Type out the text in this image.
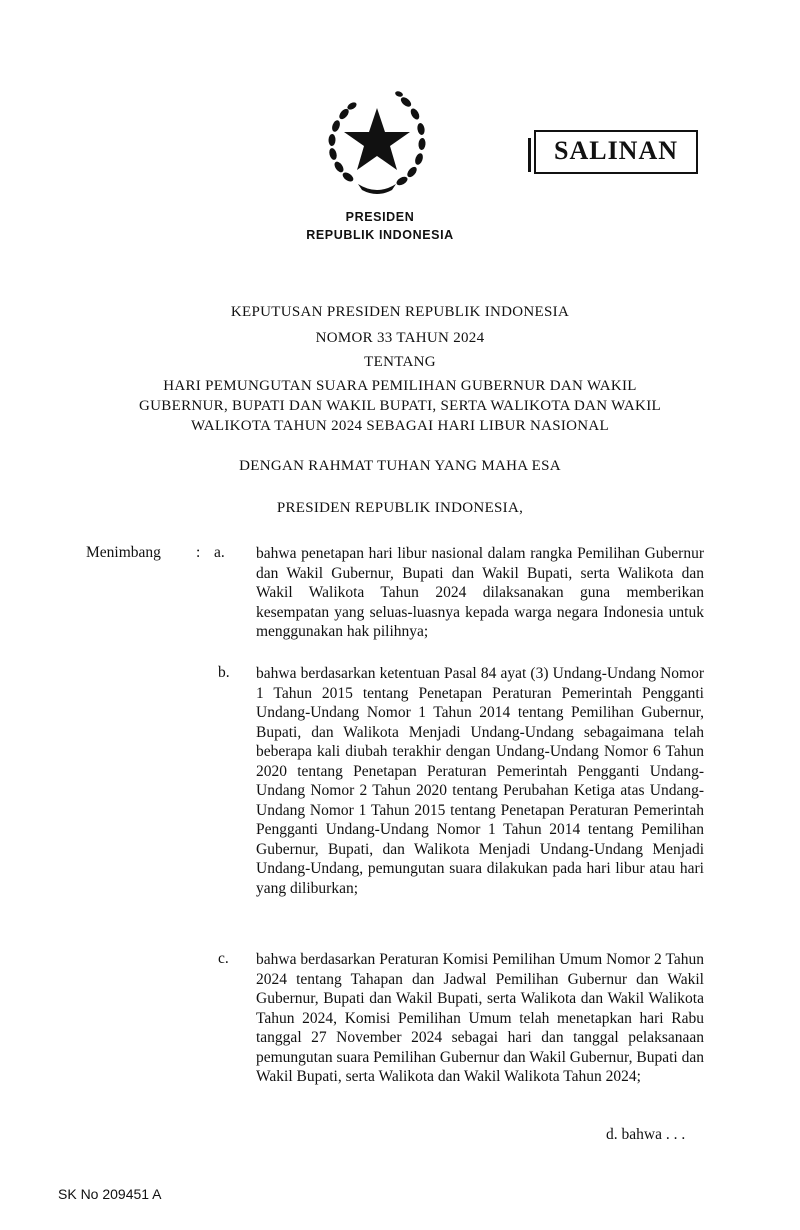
SALINAN
PRESIDEN
REPUBLIK INDONESIA
KEPUTUSAN PRESIDEN REPUBLIK INDONESIA
NOMOR 33 TAHUN 2024
TENTANG
HARI PEMUNGUTAN SUARA PEMILIHAN GUBERNUR DAN WAKIL
GUBERNUR, BUPATI DAN WAKIL BUPATI, SERTA WALIKOTA DAN WAKIL
WALIKOTA TAHUN 2024 SEBAGAI HARI LIBUR NASIONAL
DENGAN RAHMAT TUHAN YANG MAHA ESA
PRESIDEN REPUBLIK INDONESIA,
Menimbang : a.	bahwa penetapan hari libur nasional dalam rangka Pemilihan Gubernur dan Wakil Gubernur, Bupati dan Wakil Bupati, serta Walikota dan Wakil Walikota Tahun 2024 dilaksanakan guna memberikan kesempatan yang seluas-luasnya kepada warga negara Indonesia untuk menggunakan hak pilihnya;
b.	bahwa berdasarkan ketentuan Pasal 84 ayat (3) Undang-Undang Nomor 1 Tahun 2015 tentang Penetapan Peraturan Pemerintah Pengganti Undang-Undang Nomor 1 Tahun 2014 tentang Pemilihan Gubernur, Bupati, dan Walikota Menjadi Undang-Undang sebagaimana telah beberapa kali diubah terakhir dengan Undang-Undang Nomor 6 Tahun 2020 tentang Penetapan Peraturan Pemerintah Pengganti Undang-Undang Nomor 2 Tahun 2020 tentang Perubahan Ketiga atas Undang-Undang Nomor 1 Tahun 2015 tentang Penetapan Peraturan Pemerintah Pengganti Undang-Undang Nomor 1 Tahun 2014 tentang Pemilihan Gubernur, Bupati, dan Walikota Menjadi Undang-Undang Menjadi Undang-Undang, pemungutan suara dilakukan pada hari libur atau hari yang diliburkan;
c.	bahwa berdasarkan Peraturan Komisi Pemilihan Umum Nomor 2 Tahun 2024 tentang Tahapan dan Jadwal Pemilihan Gubernur dan Wakil Gubernur, Bupati dan Wakil Bupati, serta Walikota dan Wakil Walikota Tahun 2024, Komisi Pemilihan Umum telah menetapkan hari Rabu tanggal 27 November 2024 sebagai hari dan tanggal pelaksanaan pemungutan suara Pemilihan Gubernur dan Wakil Gubernur, Bupati dan Wakil Bupati, serta Walikota dan Wakil Walikota Tahun 2024;
d. bahwa . . .
SK No 209451 A
